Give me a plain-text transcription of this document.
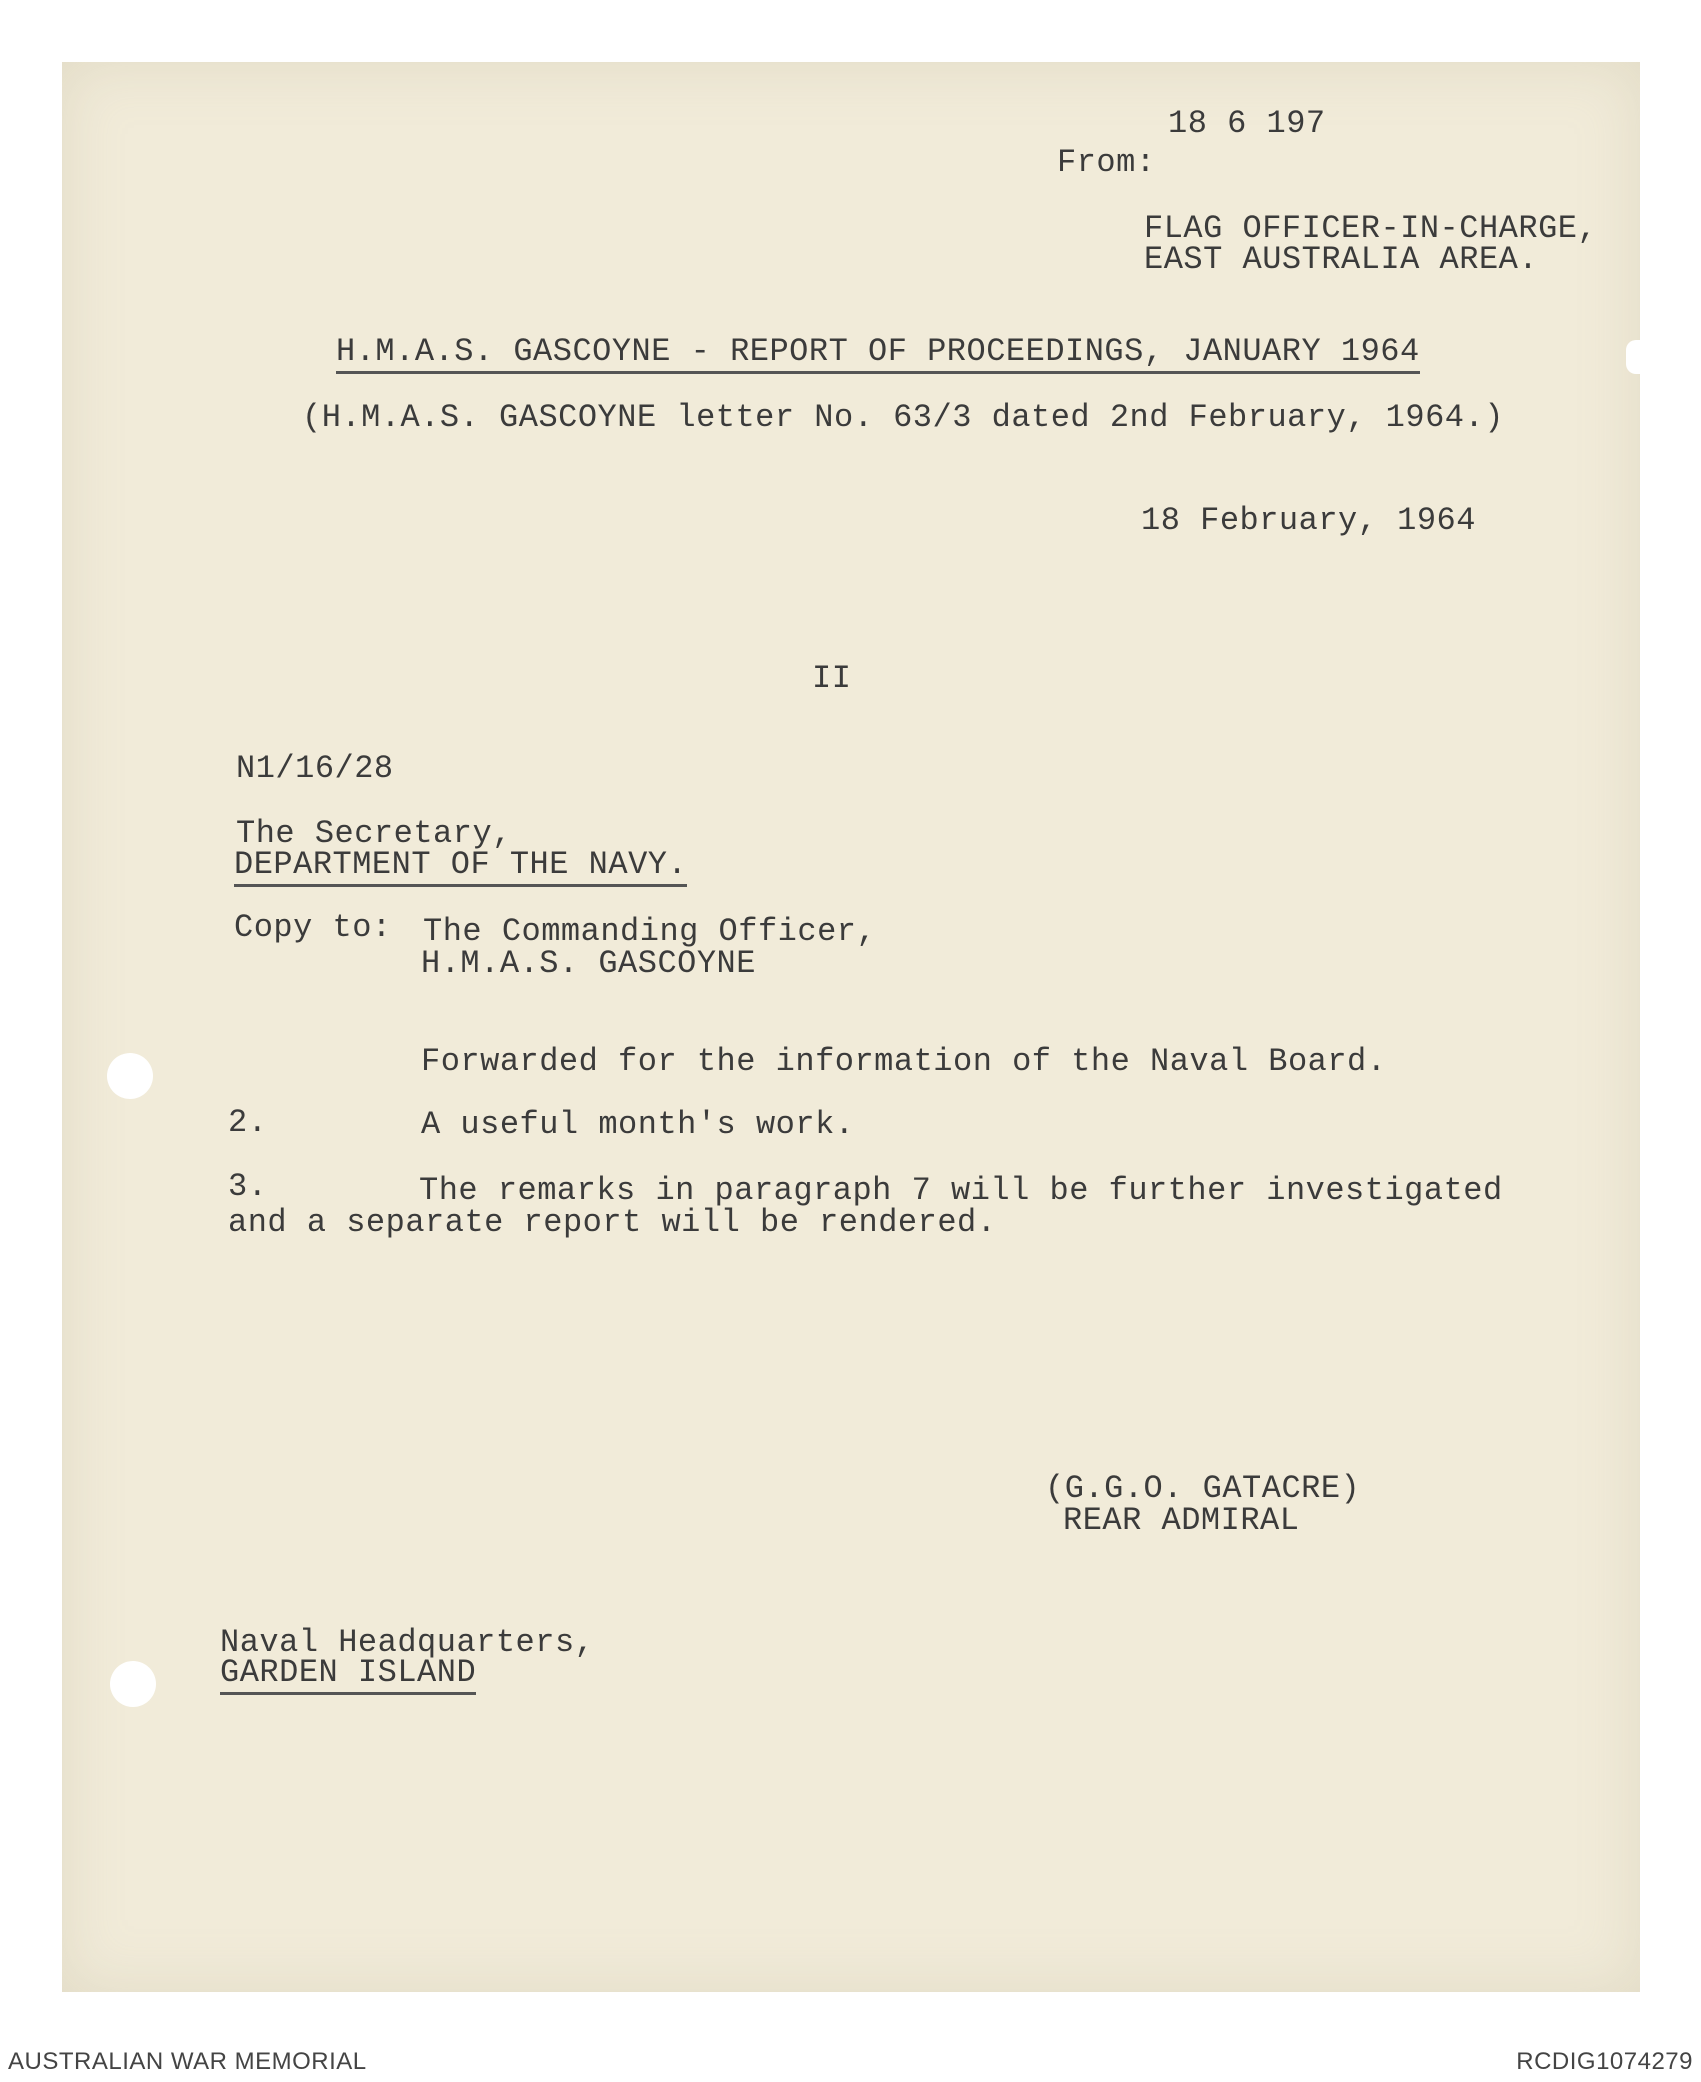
18 6 197
From:
FLAG OFFICER-IN-CHARGE,
EAST AUSTRALIA AREA.
H.M.A.S. GASCOYNE - REPORT OF PROCEEDINGS, JANUARY 1964
(H.M.A.S. GASCOYNE letter No. 63/3 dated 2nd February, 1964.)
18 February, 1964
II
N1/16/28
The Secretary,
DEPARTMENT OF THE NAVY.
Copy to: The Commanding Officer,
H.M.A.S. GASCOYNE
Forwarded for the information of the Naval Board.
2.	A useful month's work.
3.	The remarks in paragraph 7 will be further investigated
and a separate report will be rendered.
(G.G.O. GATACRE)
REAR ADMIRAL
Naval Headquarters,
GARDEN ISLAND
AUSTRALIAN WAR MEMORIAL	RCDIG1074279
